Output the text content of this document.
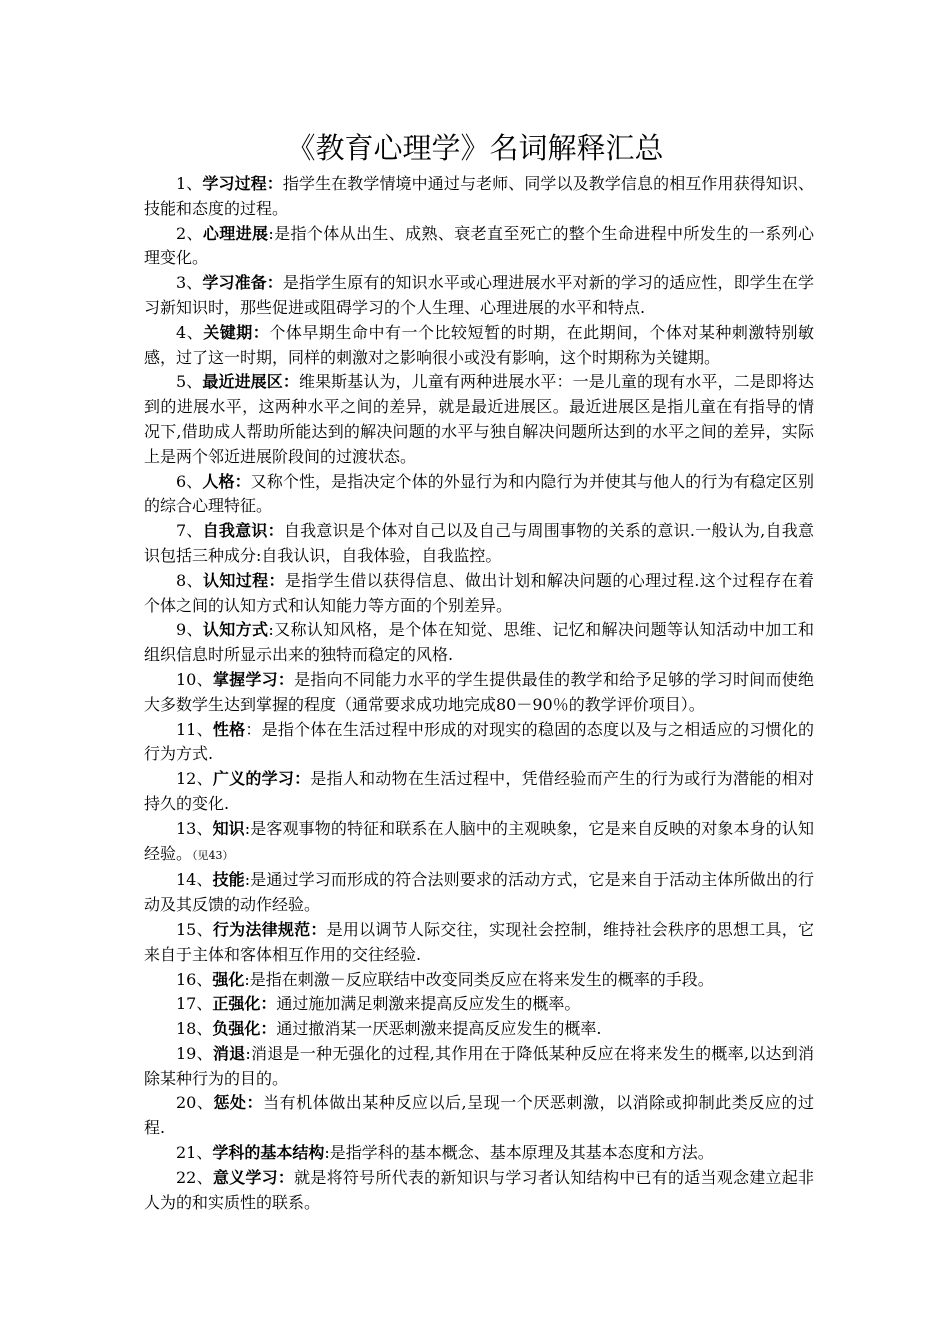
《教育心理学》名词解释汇总

1、学习过程：指学生在教学情境中通过与老师、同学以及教学信息的相互作用获得知识、技能和态度的过程。

2、心理进展:是指个体从出生、成熟、衰老直至死亡的整个生命进程中所发生的一系列心理变化。

3、学习准备：是指学生原有的知识水平或心理进展水平对新的学习的适应性，即学生在学习新知识时，那些促进或阻碍学习的个人生理、心理进展的水平和特点.

4、关键期：个体早期生命中有一个比较短暂的时期，在此期间，个体对某种刺激特别敏感，过了这一时期，同样的刺激对之影响很小或没有影响，这个时期称为关键期。

5、最近进展区：维果斯基认为，儿童有两种进展水平：一是儿童的现有水平，二是即将达到的进展水平，这两种水平之间的差异，就是最近进展区。最近进展区是指儿童在有指导的情况下,借助成人帮助所能达到的解决问题的水平与独自解决问题所达到的水平之间的差异，实际上是两个邻近进展阶段间的过渡状态。

6、人格：又称个性，是指决定个体的外显行为和内隐行为并使其与他人的行为有稳定区别的综合心理特征。

7、自我意识：自我意识是个体对自己以及自己与周围事物的关系的意识.一般认为,自我意识包括三种成分:自我认识，自我体验，自我监控。

8、认知过程：是指学生借以获得信息、做出计划和解决问题的心理过程.这个过程存在着个体之间的认知方式和认知能力等方面的个别差异。

9、认知方式:又称认知风格，是个体在知觉、思维、记忆和解决问题等认知活动中加工和组织信息时所显示出来的独特而稳定的风格.

10、掌握学习：是指向不同能力水平的学生提供最佳的教学和给予足够的学习时间而使绝大多数学生达到掌握的程度（通常要求成功地完成80－90％的教学评价项目）。

11、性格：是指个体在生活过程中形成的对现实的稳固的态度以及与之相适应的习惯化的行为方式.

12、广义的学习：是指人和动物在生活过程中，凭借经验而产生的行为或行为潜能的相对持久的变化.

13、知识:是客观事物的特征和联系在人脑中的主观映象，它是来自反映的对象本身的认知经验。（见43）

14、技能:是通过学习而形成的符合法则要求的活动方式，它是来自于活动主体所做出的行动及其反馈的动作经验。

15、行为法律规范：是用以调节人际交往，实现社会控制，维持社会秩序的思想工具，它来自于主体和客体相互作用的交往经验.

16、强化:是指在刺激－反应联结中改变同类反应在将来发生的概率的手段。

17、正强化：通过施加满足刺激来提高反应发生的概率。

18、负强化：通过撤消某一厌恶刺激来提高反应发生的概率.

19、消退:消退是一种无强化的过程,其作用在于降低某种反应在将来发生的概率,以达到消除某种行为的目的。

20、惩处：当有机体做出某种反应以后,呈现一个厌恶刺激，以消除或抑制此类反应的过程.

21、学科的基本结构:是指学科的基本概念、基本原理及其基本态度和方法。

22、意义学习：就是将符号所代表的新知识与学习者认知结构中已有的适当观念建立起非人为的和实质性的联系。
